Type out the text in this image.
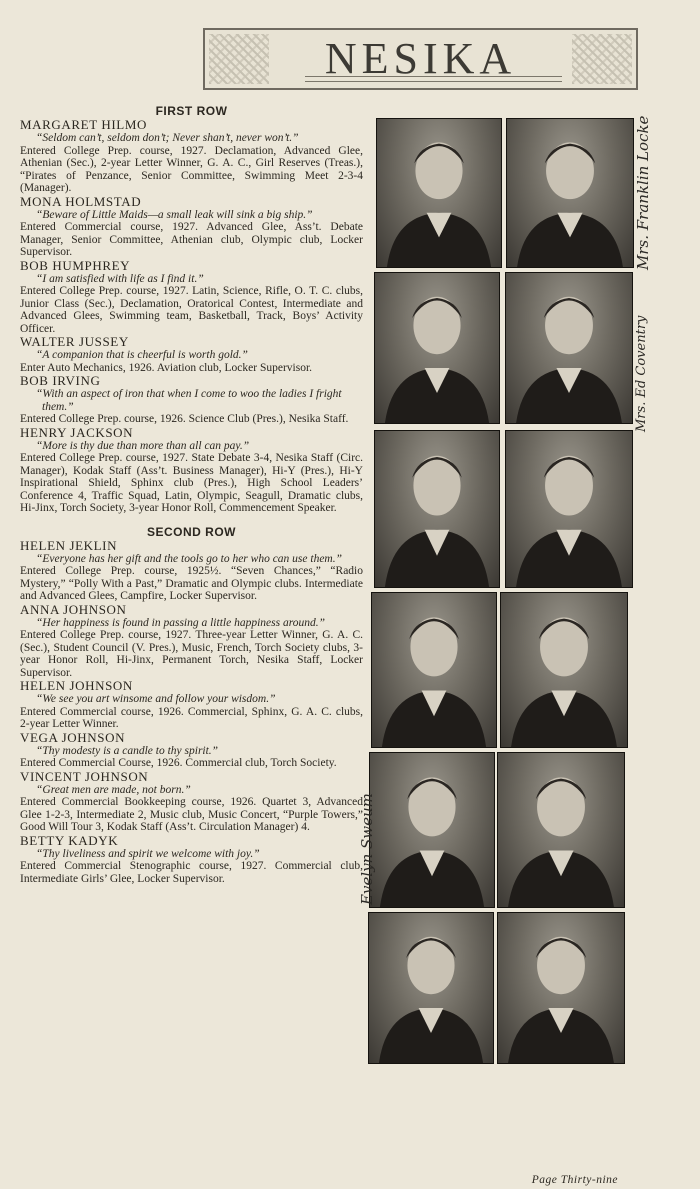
NESIKA

FIRST ROW

MARGARET HILMO

“Seldom can’t, seldom don’t; Never shan’t, never won’t.”

Entered College Prep. course, 1927. Declamation, Advanced Glee, Athenian (Sec.), 2-year Letter Winner, G. A. C., Girl Reserves (Treas.), “Pirates of Penzance, Senior Committee, Swimming Meet 2-3-4 (Manager).

MONA HOLMSTAD

“Beware of Little Maids—a small leak will sink a big ship.”

Entered Commercial course, 1927. Advanced Glee, Ass’t. Debate Manager, Senior Committee, Athenian club, Olympic club, Locker Supervisor.

BOB HUMPHREY

“I am satisfied with life as I find it.”

Entered College Prep. course, 1927. Latin, Science, Rifle, O. T. C. clubs, Junior Class (Sec.), Declamation, Oratorical Contest, Intermediate and Advanced Glees, Swimming team, Basketball, Track, Boys’ Activity Officer.

WALTER JUSSEY

“A companion that is cheerful is worth gold.”

Enter Auto Mechanics, 1926. Aviation club, Locker Supervisor.

BOB IRVING

“With an aspect of iron that when I come to woo the ladies I fright them.”

Entered College Prep. course, 1926. Science Club (Pres.), Nesika Staff.

HENRY JACKSON

“More is thy due than more than all can pay.”

Entered College Prep. course, 1927. State Debate 3-4, Nesika Staff (Circ. Manager), Kodak Staff (Ass’t. Business Manager), Hi-Y (Pres.), Hi-Y Inspirational Shield, Sphinx club (Pres.), High School Leaders’ Conference 4, Traffic Squad, Latin, Olympic, Seagull, Dramatic clubs, Hi-Jinx, Torch Society, 3-year Honor Roll, Commencement Speaker.

SECOND ROW

HELEN JEKLIN

“Everyone has her gift and the tools go to her who can use them.”

Entered College Prep. course, 1925½. “Seven Chances,” “Radio Mystery,” “Polly With a Past,” Dramatic and Olympic clubs. Intermediate and Advanced Glees, Campfire, Locker Supervisor.

ANNA JOHNSON

“Her happiness is found in passing a little happiness around.”

Entered College Prep. course, 1927. Three-year Letter Winner, G. A. C. (Sec.), Student Council (V. Pres.), Music, French, Torch Society clubs, 3-year Honor Roll, Hi-Jinx, Permanent Torch, Nesika Staff, Locker Supervisor.

HELEN JOHNSON

“We see you art winsome and follow your wisdom.”

Entered Commercial course, 1926. Commercial, Sphinx, G. A. C. clubs, 2-year Letter Winner.

VEGA JOHNSON

“Thy modesty is a candle to thy spirit.”

Entered Commercial Course, 1926. Commercial club, Torch Society.

VINCENT JOHNSON

“Great men are made, not born.”

Entered Commercial Bookkeeping course, 1926. Quartet 3, Advanced Glee 1-2-3, Intermediate 2, Music club, Music Concert, “Purple Towers,” Good Will Tour 3, Kodak Staff (Ass’t. Circulation Manager) 4.

BETTY KADYK

“Thy liveliness and spirit we welcome with joy.”

Entered Commercial Stenographic course, 1927. Commercial club, Intermediate Girls’ Glee, Locker Supervisor.

Mrs. Franklin Locke
Mrs. Ed Coventry
Evelyn Sweum
Page Thirty-nine
